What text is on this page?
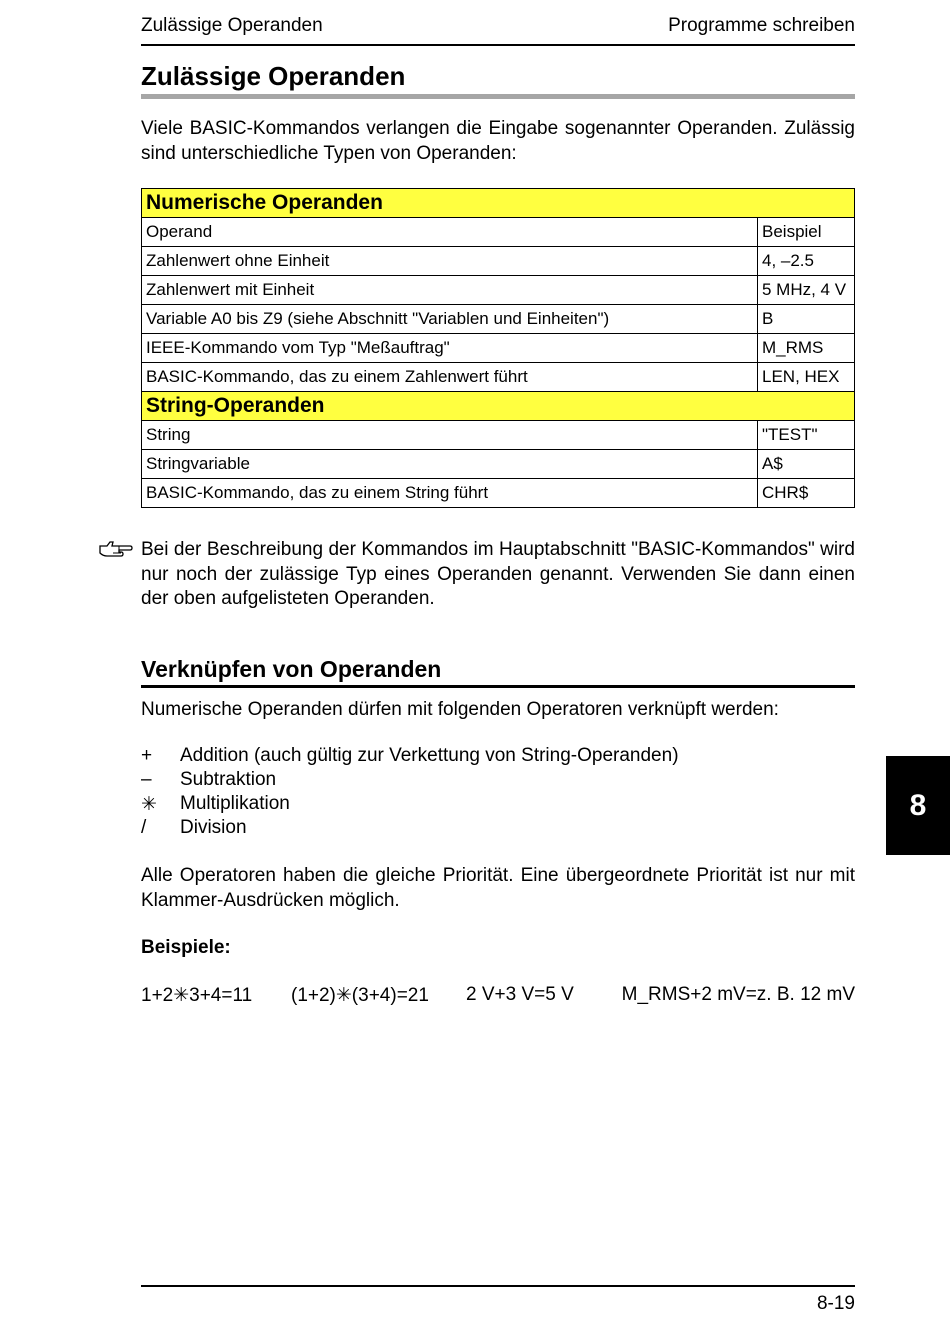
Zulässige Operanden	Programme schreiben
Zulässige Operanden
Viele BASIC-Kommandos verlangen die Eingabe sogenannter Operanden. Zulässig sind unterschiedliche Typen von Operanden:
Numerische Operanden	
Operand	Beispiel
Zahlenwert ohne Einheit	4, –2.5
Zahlenwert mit Einheit	5 MHz, 4 V
Variable A0 bis Z9 (siehe Abschnitt "Variablen und Einheiten")	B
IEEE-Kommando vom Typ "Meßauftrag"	M_RMS
BASIC-Kommando, das zu einem Zahlenwert führt	LEN, HEX
String-Operanden	
String	"TEST"
Stringvariable	A$
BASIC-Kommando, das zu einem String führt	CHR$
Bei der Beschreibung der Kommandos im Hauptabschnitt "BASIC-Kommandos" wird nur noch der zulässige Typ eines Operanden genannt. Verwenden Sie dann einen der oben aufgelisteten Operanden.
Verknüpfen von Operanden
Numerische Operanden dürfen mit folgenden Operatoren verknüpft werden:
+	Addition (auch gültig zur Verkettung von String-Operanden)
–	Subtraktion
✳	Multiplikation
/	Division
Alle Operatoren haben die gleiche Priorität. Eine übergeordnete Priorität ist nur mit Klammer-Ausdrücken möglich.
Beispiele:
1+2✳3+4=11 (1+2)✳(3+4)=21 2 V+3 V=5 V	M_RMS+2 mV=z. B. 12 mV
8
8-19
